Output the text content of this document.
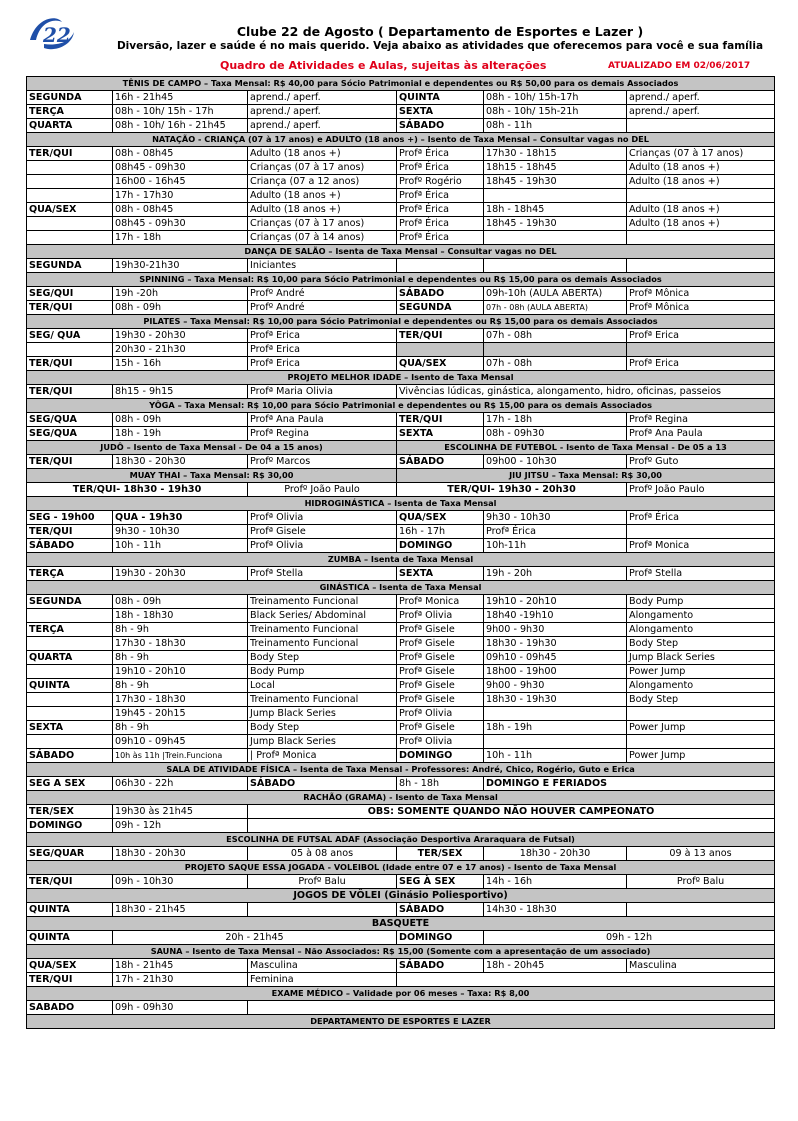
22	Clube 22 de Agosto ( Departamento de Esportes e Lazer )
Diversão, lazer e saúde é no mais querido. Veja abaixo as atividades que oferecemos para você e sua família
Quadro de Atividades e Aulas, sujeitas às alterações	ATUALIZADO EM 02/06/2017
TÊNIS DE CAMPO – Taxa Mensal: R$ 40,00 para Sócio Patrimonial e dependentes ou R$ 50,00 para os demais Associados					
SEGUNDA	16h - 21h45	aprend./ aperf.	QUINTA	08h - 10h/ 15h-17h	aprend./ aperf.
TERÇA	08h - 10h/ 15h - 17h	aprend./ aperf.	SEXTA	08h - 10h/ 15h-21h	aprend./ aperf.
QUARTA	08h - 10h/ 16h - 21h45	aprend./ aperf.	SÁBADO	08h - 11h	
NATAÇÃO - CRIANÇA (07 à 17 anos) e ADULTO (18 anos +) – Isento de Taxa Mensal – Consultar vagas no DEL					
TER/QUI	08h - 08h45	Adulto (18 anos +)	Profª Érica	17h30 - 18h15	Crianças (07 à 17 anos)
	08h45 - 09h30	Crianças (07 à 17 anos)	Profª Érica	18h15 - 18h45	Adulto (18 anos +)
	16h00 - 16h45	Criança (07 a 12 anos)	Profº Rogério	18h45 - 19h30	Adulto (18 anos +)
	17h - 17h30	Adulto (18 anos +)	Profª Érica		
QUA/SEX	08h - 08h45	Adulto (18 anos +)	Profª Érica	18h - 18h45	Adulto (18 anos +)
	08h45 - 09h30	Crianças (07 à 17 anos)	Profª Érica	18h45 - 19h30	Adulto (18 anos +)
	17h - 18h	Crianças (07 à 14 anos)	Profª Érica		
DANÇA DE SALÃO – Isenta de Taxa Mensal – Consultar vagas no DEL					
SEGUNDA	19h30-21h30	Iniciantes			
SPINNING – Taxa Mensal: R$ 10,00 para Sócio Patrimonial e dependentes ou R$ 15,00 para os demais Associados					
SEG/QUI	19h -20h	Profº André	SÁBADO	09h-10h (AULA ABERTA)	Profª Mônica
TER/QUI	08h - 09h	Profº André	SEGUNDA	07h - 08h (AULA ABERTA)	Profª Mônica
PILATES – Taxa Mensal: R$ 10,00 para Sócio Patrimonial e dependentes ou R$ 15,00 para os demais Associados					
SEG/ QUA	19h30 - 20h30	Profª Erica	TER/QUI	07h - 08h	Profª Erica
	20h30 - 21h30	Profª Erica			
TER/QUI	15h - 16h	Profª Erica	QUA/SEX	07h - 08h	Profª Erica
PROJETO MELHOR IDADE – Isento de Taxa Mensal					
TER/QUI	8h15 - 9h15	Profª Maria Olivia	Vivências lúdicas, ginástica, alongamento, hidro, oficinas, passeios		
YÔGA – Taxa Mensal: R$ 10,00 para Sócio Patrimonial e dependentes ou R$ 15,00 para os demais Associados					
SEG/QUA	08h - 09h	Profª Ana Paula	TER/QUI	17h - 18h	Profª Regina
SEG/QUA	18h - 19h	Profª Regina	SEXTA	08h - 09h30	Profª Ana Paula
JUDÔ – Isento de Taxa Mensal - De 04 a 15 anos)			ESCOLINHA DE FUTEBOL - Isento de Taxa Mensal - De 05 a 13		
TER/QUI	18h30 - 20h30	Profº Marcos	SÁBADO	09h00 - 10h30	Profº Guto
MUAY THAI – Taxa Mensal: R$ 30,00			JIU JITSU – Taxa Mensal: R$ 30,00		
TER/QUI- 18h30 - 19h30		Profº João Paulo	TER/QUI- 19h30 - 20h30		Profº João Paulo
HIDROGINÁSTICA – Isenta de Taxa Mensal					
SEG - 19h00	QUA - 19h30	Profª Olivia	QUA/SEX	9h30 - 10h30	Profª Érica
TER/QUI	9h30 - 10h30	Profª Gisele	16h - 17h	Profª Érica	
SÁBADO	10h - 11h	Profª Olivia	DOMINGO	10h-11h	Profª Monica
ZUMBA – Isenta de Taxa Mensal					
TERÇA	19h30 - 20h30	Profª Stella	SEXTA	19h - 20h	Profª Stella
GINÁSTICA – Isenta de Taxa Mensal					
SEGUNDA	08h - 09h	Treinamento Funcional	Profª Monica	19h10 - 20h10	Body Pump
	18h - 18h30	Black Series/ Abdominal	Profª Olivia	18h40 -19h10	Alongamento
TERÇA	8h - 9h	Treinamento Funcional	Profª Gisele	9h00 - 9h30	Alongamento
	17h30 - 18h30	Treinamento Funcional	Profª Gisele	18h30 - 19h30	Body Step
QUARTA	8h - 9h	Body Step	Profª Gisele	09h10 - 09h45	Jump Black Series
	19h10 - 20h10	Body Pump	Profª Gisele	18h00 - 19h00	Power Jump
QUINTA	8h - 9h	Local	Profª Gisele	9h00 - 9h30	Alongamento
	17h30 - 18h30	Treinamento Funcional	Profª Gisele	18h30 - 19h30	Body Step
	19h45 - 20h15	Jump Black Series	Profª Olivia		
SEXTA	8h - 9h	Body Step	Profª Gisele	18h - 19h	Power Jump
	09h10 - 09h45	Jump Black Series	Profª Olivia		
SÁBADO	10h às 11h |Trein.Funciona	| Profª Monica	DOMINGO	10h - 11h	Power Jump
SALA DE ATIVIDADE FÍSICA – Isenta de Taxa Mensal - Professores: André, Chico, Rogério, Guto e Erica					
SEG A SEX	06h30 - 22h	SÁBADO	8h - 18h	DOMINGO E FERIADOS	
RACHÃO (GRAMA) - Isento de Taxa Mensal					
TER/SEX	19h30 às 21h45	OBS: SOMENTE QUANDO NÃO HOUVER CAMPEONATO			
DOMINGO	09h - 12h				
ESCOLINHA DE FUTSAL ADAF (Associação Desportiva Araraquara de Futsal)					
SEG/QUAR	18h30 - 20h30	05 à 08 anos	TER/SEX	18h30 - 20h30	09 à 13 anos
PROJETO SAQUE ESSA JOGADA - VOLEIBOL (Idade entre 07 e 17 anos) - Isento de Taxa Mensal					
TER/QUI	09h - 10h30	Profº Balu	SEG À SEX	14h - 16h	Profº Balu
JOGOS DE VÔLEI (Ginásio Poliesportivo)					
QUINTA	18h30 - 21h45		SÁBADO	14h30 - 18h30	
BASQUETE					
QUINTA	20h - 21h45		DOMINGO	09h - 12h	
SAUNA – Isento de Taxa Mensal – Não Associados: R$ 15,00 (Somente com a apresentação de um associado)					
QUA/SEX	18h - 21h45	Masculina	SÁBADO	18h - 20h45	Masculina
TER/QUI	17h - 21h30	Feminina			
EXAME MÉDICO – Validade por 06 meses – Taxa: R$ 8,00					
SABADO	09h - 09h30				
DEPARTAMENTO DE ESPORTES E LAZER					
